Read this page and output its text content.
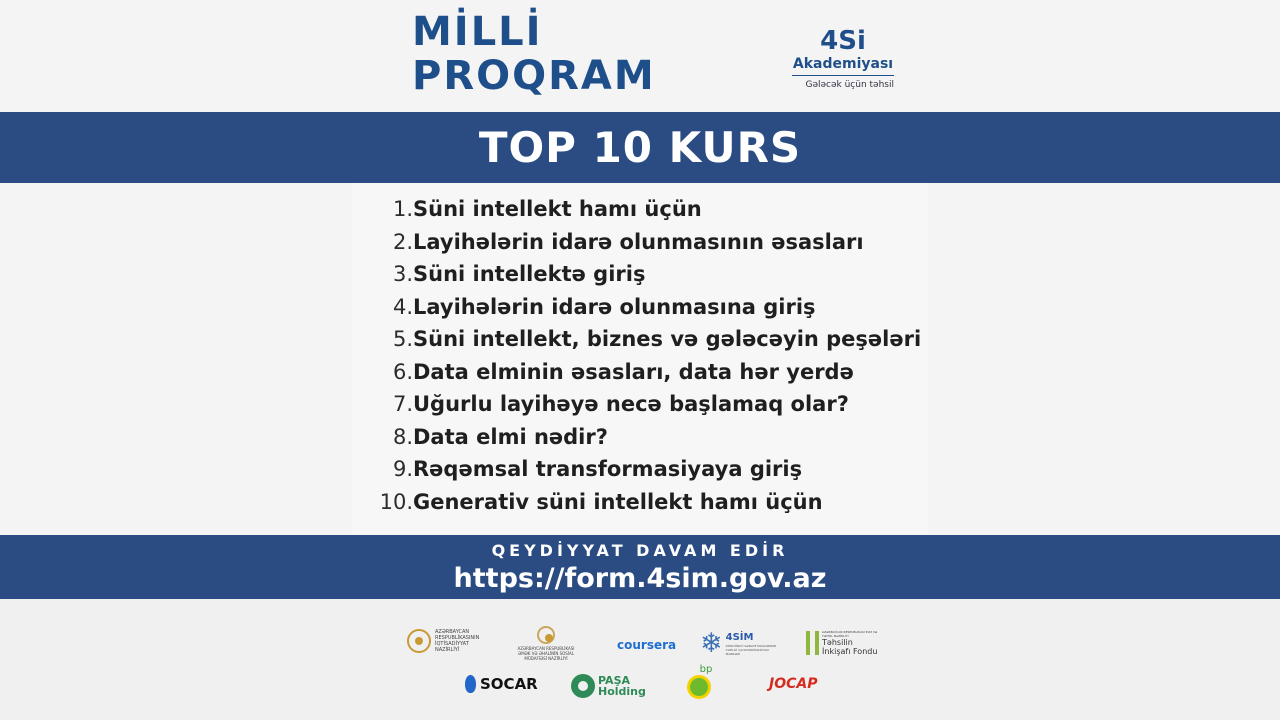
MİLLİ
PROQRAM
4Si
Akademiyası
Gələcək üçün təhsil
TOP 10 KURS
1. Süni intellekt hamı üçün
2. Layihələrin idarə olunmasının əsasları
3. Süni intellektə giriş
4. Layihələrin idarə olunmasına giriş
5. Süni intellekt, biznes və gələcəyin peşələri
6. Data elminin əsasları, data hər yerdə
7. Uğurlu layihəyə necə başlamaq olar?
8. Data elmi nədir?
9. Rəqəmsal transformasiyaya giriş
10. Generativ süni intellekt hamı üçün
QEYDİYYAT DAVAM EDİR
https://form.4sim.gov.az
AZƏRBAYCAN RESPUBLİKASININ İQTİSADİYYAT NAZİRLİYİ	AZƏRBAYCAN RESPUBLİKASI ƏMƏK VƏ ƏHALİNİN SOSİAL MÜDAFİƏSİ NAZİRLİYİ
coursera ❄ 4SİM
DÖRDÜNCÜ SƏNAYE İNQİLABININ TƏHLİLİ VƏ KOORDİNASİYASI MƏRKƏZİ
AZƏRBAYCAN RESPUBLİKASI ELM VƏ TƏHSİL NAZİRLİYİ
Təhsilin İnkişafı Fondu
SOCAR	PAŞA
Holding
bp
JOCAP
